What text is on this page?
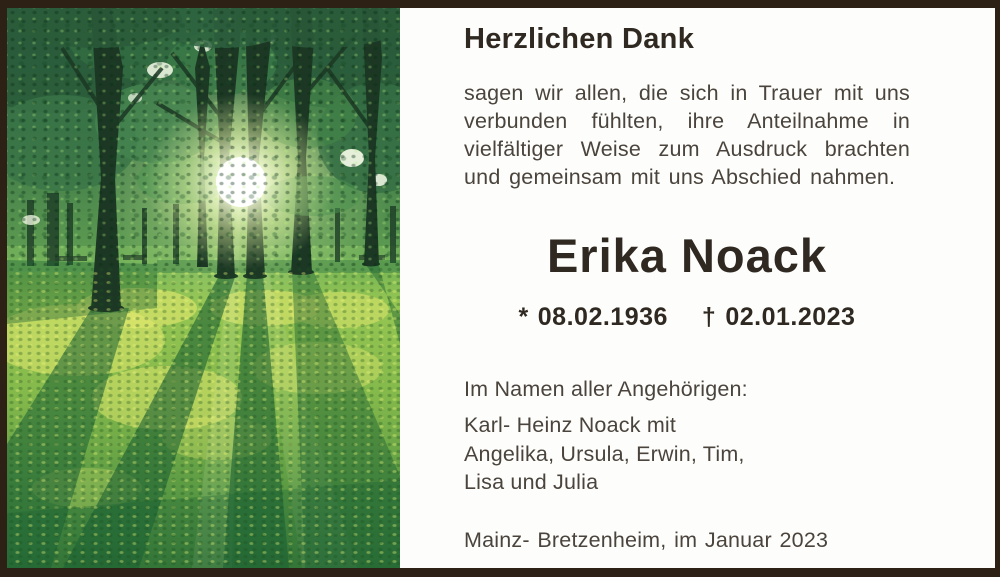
Herzlichen Dank
sagen wir allen, die sich in Trauer mit uns
verbunden fühlten, ihre Anteilnahme in
vielfältiger Weise zum Ausdruck brachten
und gemeinsam mit uns Abschied nahmen.
Erika Noack
* 08.02.1936 † 02.01.2023
Im Namen aller Angehörigen:
Karl- Heinz Noack mit
Angelika, Ursula, Erwin, Tim,
Lisa und Julia
Mainz- Bretzenheim, im Januar 2023
